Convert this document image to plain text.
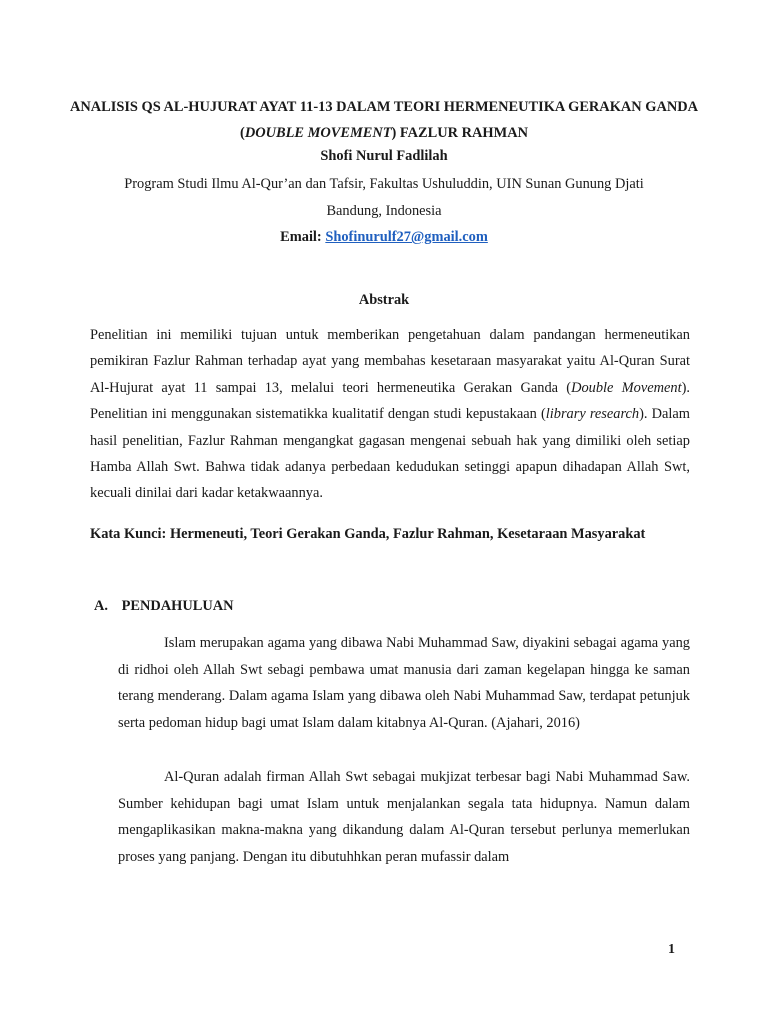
ANALISIS QS AL-HUJURAT AYAT 11-13 DALAM TEORI HERMENEUTIKA GERAKAN GANDA (DOUBLE MOVEMENT) FAZLUR RAHMAN
Shofi Nurul Fadlilah
Program Studi Ilmu Al-Qur’an dan Tafsir, Fakultas Ushuluddin, UIN Sunan Gunung Djati Bandung, Indonesia
Email: Shofinurulf27@gmail.com
Abstrak

Penelitian ini memiliki tujuan untuk memberikan pengetahuan dalam pandangan hermeneutikan pemikiran Fazlur Rahman terhadap ayat yang membahas kesetaraan masyarakat yaitu Al-Quran Surat Al-Hujurat ayat 11 sampai 13, melalui teori hermeneutika Gerakan Ganda (Double Movement). Penelitian ini menggunakan sistematikka kualitatif dengan studi kepustakaan (library research). Dalam hasil penelitian, Fazlur Rahman mengangkat gagasan mengenai sebuah hak yang dimiliki oleh setiap Hamba Allah Swt. Bahwa tidak adanya perbedaan kedudukan setinggi apapun dihadapan Allah Swt, kecuali dinilai dari kadar ketakwaannya.

Kata Kunci: Hermeneuti, Teori Gerakan Ganda, Fazlur Rahman, Kesetaraan Masyarakat
A. PENDAHULUAN

Islam merupakan agama yang dibawa Nabi Muhammad Saw, diyakini sebagai agama yang di ridhoi oleh Allah Swt sebagi pembawa umat manusia dari zaman kegelapan hingga ke saman terang menderang. Dalam agama Islam yang dibawa oleh Nabi Muhammad Saw, terdapat petunjuk serta pedoman hidup bagi umat Islam dalam kitabnya Al-Quran. (Ajahari, 2016)

Al-Quran adalah firman Allah Swt sebagai mukjizat terbesar bagi Nabi Muhammad Saw. Sumber kehidupan bagi umat Islam untuk menjalankan segala tata hidupnya. Namun dalam mengaplikasikan makna-makna yang dikandung dalam Al-Quran tersebut perlunya memerlukan proses yang panjang. Dengan itu dibutuhhkan peran mufassir dalam

1
